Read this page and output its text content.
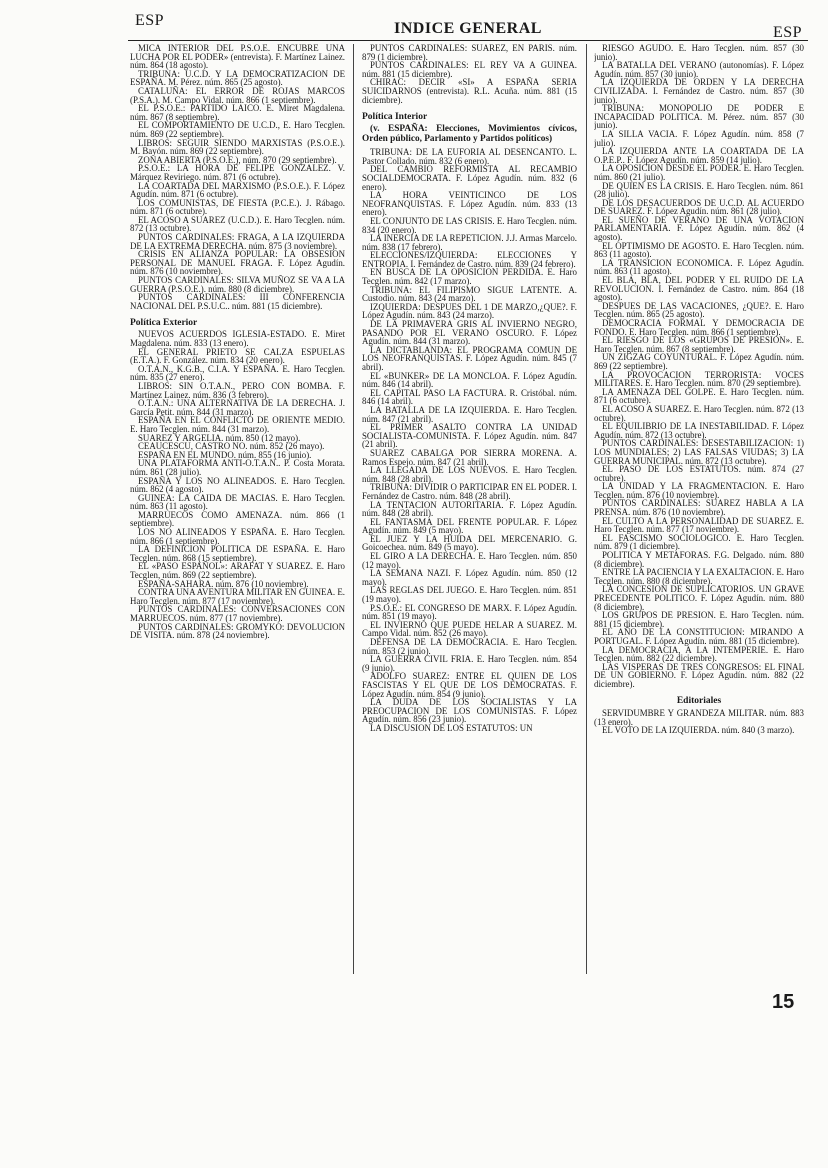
ESP	INDICE GENERAL	ESP

MICA INTERIOR DEL P.S.O.E. ENCUBRE UNA LUCHA POR EL PODER» (entrevista). F. Martínez Lainez. núm. 864 (18 agosto).

TRIBUNA: U.C.D. Y LA DEMOCRATIZACION DE ESPAÑA. M. Pérez. núm. 865 (25 agosto).

CATALUÑA: EL ERROR DE ROJAS MARCOS (P.S.A.). M. Campo Vidal. núm. 866 (1 septiembre).

EL P.S.O.E.: PARTIDO LAICO. E. Miret Magdalena. núm. 867 (8 septiembre).

EL COMPORTAMIENTO DE U.C.D., E. Haro Tecglen. núm. 869 (22 septiembre).

LIBROS: SEGUIR SIENDO MARXISTAS (P.S.O.E.). M. Bayón. núm. 869 (22 septiembre).

ZONA ABIERTA (P.S.O.E.), núm. 870 (29 septiembre).

P.S.O.E.: LA HORA DE FELIPE GONZALEZ. V. Márquez Reviriego. núm. 871 (6 octubre).

LA COARTADA DEL MARXISMO (P.S.O.E.). F. López Agudín. núm. 871 (6 octubre).

LOS COMUNISTAS, DE FIESTA (P.C.E.). J. Rábago. núm. 871 (6 octubre).

EL ACOSO A SUAREZ (U.C.D.). E. Haro Tecglen. núm. 872 (13 octubre).

PUNTOS CARDINALES: FRAGA, A LA IZQUIERDA DE LA EXTREMA DERECHA. núm. 875 (3 noviembre).

CRISIS EN ALIANZA POPULAR: LA OBSESION PERSONAL DE MANUEL FRAGA. F. López Agudín. núm. 876 (10 noviembre).

PUNTOS CARDINALES: SILVA MUÑOZ SE VA A LA GUERRA (P.S.O.E.). núm. 880 (8 diciembre).

PUNTOS CARDINALES: III CONFERENCIA NACIONAL DEL P.S.U.C.. núm. 881 (15 diciembre).

Política Exterior

NUEVOS ACUERDOS IGLESIA-ESTADO. E. Miret Magdalena. núm. 833 (13 enero).

EL GENERAL PRIETO SE CALZA ESPUELAS (E.T.A.). F. González. núm. 834 (20 enero).

O.T.A.N., K.G.B., C.I.A. Y ESPAÑA. E. Haro Tecglen. núm. 835 (27 enero).

LIBROS: SIN O.T.A.N., PERO CON BOMBA. F. Martínez Lainez. núm. 836 (3 febrero).

O.T.A.N.: UNA ALTERNATIVA DE LA DERECHA. J. García Petit. núm. 844 (31 marzo).

ESPAÑA EN EL CONFLICTO DE ORIENTE MEDIO. E. Haro Tecglen. núm. 844 (31 marzo).

SUAREZ Y ARGELIA. núm. 850 (12 mayo).

CEAUCESCU, CASTRO NO. núm. 852 (26 mayo).

ESPAÑA EN EL MUNDO. núm. 855 (16 junio).

UNA PLATAFORMA ANTI-O.T.A.N.. P. Costa Morata. núm. 861 (28 julio).

ESPAÑA Y LOS NO ALINEADOS. E. Haro Tecglen. núm. 862 (4 agosto).

GUINEA: LA CAIDA DE MACIAS. E. Haro Tecglen. núm. 863 (11 agosto).

MARRUECOS COMO AMENAZA. núm. 866 (1 septiembre).

LOS NO ALINEADOS Y ESPAÑA. E. Haro Tecglen. núm. 866 (1 septiembre).

LA DEFINICION POLITICA DE ESPAÑA. E. Haro Tecglen. núm. 868 (15 septiembre).

EL «PASO ESPAÑOL»: ARAFAT Y SUAREZ. E. Haro Tecglen, núm. 869 (22 septiembre).

ESPAÑA-SAHARA. núm. 876 (10 noviembre).

CONTRA UNA AVENTURA MILITAR EN GUINEA. E. Haro Tecglen. núm. 877 (17 noviembre).

PUNTOS CARDINALES: CONVERSACIONES CON MARRUECOS. núm. 877 (17 noviembre).

PUNTOS CARDINALES: GROMYKO: DEVOLUCION DE VISITA. núm. 878 (24 noviembre).

PUNTOS CARDINALES: SUAREZ, EN PARIS. núm. 879 (1 diciembre).

PUNTOS CARDINALES: EL REY VA A GUINEA. núm. 881 (15 diciembre).

CHIRAC: DECIR «SI» A ESPAÑA SERIA SUICIDARNOS (entrevista). R.L. Acuña. núm. 881 (15 diciembre).

Política Interior
(v. ESPAÑA: Elecciones, Movimientos cívicos, Orden público, Parlamento y Partidos políticos)

TRIBUNA: DE LA EUFORIA AL DESENCANTO. L. Pastor Collado. núm. 832 (6 enero).

DEL CAMBIO REFORMISTA AL RECAMBIO SOCIALDEMOCRATA. F. López Agudín. núm. 832 (6 enero).

LA HORA VEINTICINCO DE LOS NEOFRANQUISTAS. F. López Agudín. núm. 833 (13 enero).

EL CONJUNTO DE LAS CRISIS. E. Haro Tecglen. núm. 834 (20 enero).

LA INERCIA DE LA REPETICION. J.J. Armas Marcelo. núm. 838 (17 febrero).

ELECCIONES/IZQUIERDA: ELECCIONES Y ENTROPIA. I. Fernández de Castro. núm. 839 (24 febrero).

EN BUSCA DE LA OPOSICION PERDIDA. E. Haro Tecglen. núm. 842 (17 marzo).

TRIBUNA: EL FILIPISMO SIGUE LATENTE. A. Custodio. núm. 843 (24 marzo).

IZQUIERDA: DESPUES DEL 1 DE MARZO,¿QUE?. F. López Agudín. núm. 843 (24 marzo).

DE LA PRIMAVERA GRIS AL INVIERNO NEGRO, PASANDO POR EL VERANO OSCURO. F. López Agudín. núm. 844 (31 marzo).

LA DICTABLANDA: EL PROGRAMA COMUN DE LOS NEOFRANQUISTAS. F. López Agudín. núm. 845 (7 abril).

EL «BUNKER» DE LA MONCLOA. F. López Agudín. núm. 846 (14 abril).

EL CAPITAL PASO LA FACTURA. R. Cristóbal. núm. 846 (14 abril).

LA BATALLA DE LA IZQUIERDA. E. Haro Tecglen. núm. 847 (21 abril).

EL PRIMER ASALTO CONTRA LA UNIDAD SOCIALISTA-COMUNISTA. F. López Agudín. núm. 847 (21 abril).

SUAREZ CABALGA POR SIERRA MORENA. A. Ramos Espejo. núm. 847 (21 abril).

LA LLEGADA DE LOS NUEVOS. E. Haro Tecglen. núm. 848 (28 abril).

TRIBUNA: DIVIDIR O PARTICIPAR EN EL PODER. I. Fernández de Castro. núm. 848 (28 abril).

LA TENTACION AUTORITARIA. F. López Agudín. núm. 848 (28 abril).

EL FANTASMA DEL FRENTE POPULAR. F. López Agudín. núm. 849 (5 mayo).

EL JUEZ Y LA HUIDA DEL MERCENARIO. G. Goicoechea. núm. 849 (5 mayo).

EL GIRO A LA DERECHA. E. Haro Tecglen. núm. 850 (12 mayo).

LA SEMANA NAZI. F. López Agudín. núm. 850 (12 mayo).

LAS REGLAS DEL JUEGO. E. Haro Tecglen. núm. 851 (19 mayo).

P.S.O.E.: EL CONGRESO DE MARX. F. López Agudín. núm. 851 (19 mayo).

EL INVIERNO QUE PUEDE HELAR A SUAREZ. M. Campo Vidal. núm. 852 (26 mayo).

DEFENSA DE LA DEMOCRACIA. E. Haro Tecglen. núm. 853 (2 junio).

LA GUERRA CIVIL FRIA. E. Haro Tecglen. núm. 854 (9 junio).

ADOLFO SUAREZ: ENTRE EL QUIEN DE LOS FASCISTAS Y EL QUE DE LOS DEMOCRATAS. F. López Agudín. núm. 854 (9 junio).

LA DUDA DE LOS SOCIALISTAS Y LA PREOCUPACION DE LOS COMUNISTAS. F. López Agudín. núm. 856 (23 junio).

LA DISCUSION DE LOS ESTATUTOS: UN

RIESGO AGUDO. E. Haro Tecglen. núm. 857 (30 junio).

LA BATALLA DEL VERANO (autonomías). F. López Agudín. núm. 857 (30 junio).

LA IZQUIERDA DE ORDEN Y LA DERECHA CIVILIZADA. I. Fernández de Castro. núm. 857 (30 junio).

TRIBUNA: MONOPOLIO DE PODER E INCAPACIDAD POLITICA. M. Pérez. núm. 857 (30 junio).

LA SILLA VACIA. F. López Agudín. núm. 858 (7 julio).

LA IZQUIERDA ANTE LA COARTADA DE LA O.P.E.P.. F. López Agudín. núm. 859 (14 julio).

LA OPOSICION DESDE EL PODER. E. Haro Tecglen. núm. 860 (21 julio).

DE QUIEN ES LA CRISIS. E. Haro Tecglen. núm. 861 (28 julio).

DE LOS DESACUERDOS DE U.C.D. AL ACUERDO DE SUAREZ. F. López Agudín. núm. 861 (28 julio).

EL SUEÑO DE VERANO DE UNA VOTACION PARLAMENTARIA. F. López Agudín. núm. 862 (4 agosto).

EL OPTIMISMO DE AGOSTO. E. Haro Tecglen. núm. 863 (11 agosto).

LA TRANSICION ECONOMICA. F. López Agudín. núm. 863 (11 agosto).

EL BLA, BLA, DEL PODER Y EL RUIDO DE LA REVOLUCION. I. Fernández de Castro. núm. 864 (18 agosto).

DESPUES DE LAS VACACIONES, ¿QUE?. E. Haro Tecglen. núm. 865 (25 agosto).

DEMOCRACIA FORMAL Y DEMOCRACIA DE FONDO. E. Haro Tecglen. núm. 866 (1 septiembre).

EL RIESGO DE LOS «GRUPOS DE PRESION». E. Haro Tecglen. núm. 867 (8 septiembre).

UN ZIGZAG COYUNTURAL. F. López Agudín. núm. 869 (22 septiembre).

LA PROVOCACION TERRORISTA: VOCES MILITARES. E. Haro Tecglen. núm. 870 (29 septiembre).

LA AMENAZA DEL GOLPE. E. Haro Tecglen. núm. 871 (6 octubre).

EL ACOSO A SUAREZ. E. Haro Tecglen. núm. 872 (13 octubre).

EL EQUILIBRIO DE LA INESTABILIDAD. F. López Agudín. núm. 872 (13 octubre).

PUNTOS CARDINALES: DESESTABILIZACION: 1) LOS MUNDIALES; 2) LAS FALSAS VIUDAS; 3) LA GUERRA MUNICIPAL. núm. 872 (13 octubre).

EL PASO DE LOS ESTATUTOS. núm. 874 (27 octubre).

LA UNIDAD Y LA FRAGMENTACION. E. Haro Tecglen. núm. 876 (10 noviembre).

PUNTOS CARDINALES: SUAREZ HABLA A LA PRENSA. núm. 876 (10 noviembre).

EL CULTO A LA PERSONALIDAD DE SUAREZ. E. Haro Tecglen. núm. 877 (17 noviembre).

EL FASCISMO SOCIOLOGICO. E. Haro Tecglen. núm. 879 (1 diciembre).

POLITICA Y METAFORAS. F.G. Delgado. núm. 880 (8 diciembre).

ENTRE LA PACIENCIA Y LA EXALTACION. E. Haro Tecglen. núm. 880 (8 diciembre).

LA CONCESION DE SUPLICATORIOS. UN GRAVE PRECEDENTE POLITICO. F. López Agudín. núm. 880 (8 diciembre).

LOS GRUPOS DE PRESION. E. Haro Tecglen. núm. 881 (15 diciembre).

EL AÑO DE LA CONSTITUCION: MIRANDO A PORTUGAL. F. López Agudín. núm. 881 (15 diciembre).

LA DEMOCRACIA, A LA INTEMPERIE. E. Haro Tecglen. núm. 882 (22 diciembre).

LAS VISPERAS DE TRES CONGRESOS: EL FINAL DE UN GOBIERNO. F. López Agudín. núm. 882 (22 diciembre).

Editoriales

SERVIDUMBRE Y GRANDEZA MILITAR. núm. 883 (13 enero).

EL VOTO DE LA IZQUIERDA. núm. 840 (3 marzo).

15
